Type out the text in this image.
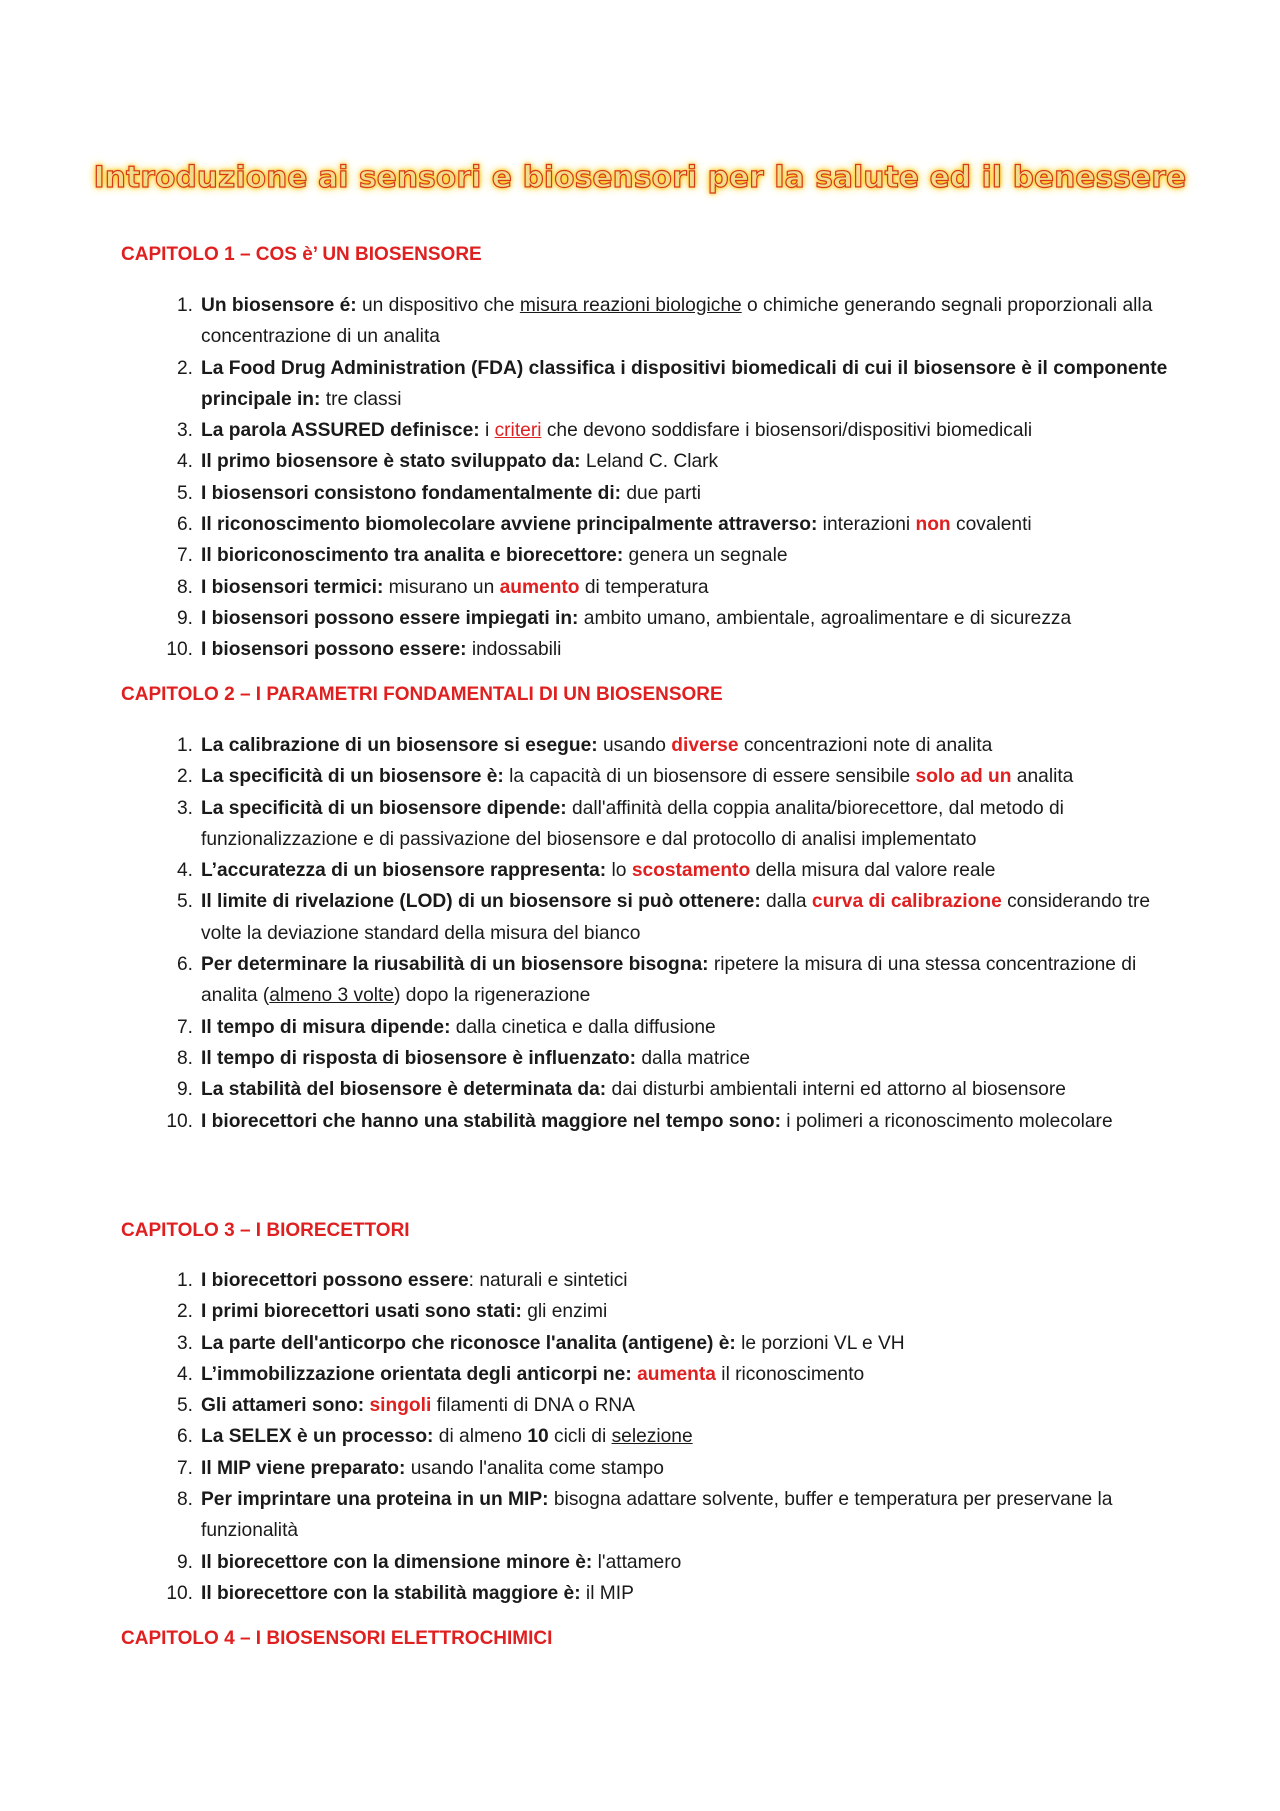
Introduzione ai sensori e biosensori per la salute ed il benessere
CAPITOLO 1 – COS è’ UN BIOSENSORE
1. Un biosensore é: un dispositivo che misura reazioni biologiche o chimiche generando segnali proporzionali alla concentrazione di un analita
2. La Food Drug Administration (FDA) classifica i dispositivi biomedicali di cui il biosensore è il componente principale in: tre classi
3. La parola ASSURED definisce: i criteri che devono soddisfare i biosensori/dispositivi biomedicali
4. Il primo biosensore è stato sviluppato da: Leland C. Clark
5. I biosensori consistono fondamentalmente di: due parti
6. Il riconoscimento biomolecolare avviene principalmente attraverso: interazioni non covalenti
7. Il bioriconoscimento tra analita e biorecettore: genera un segnale
8. I biosensori termici: misurano un aumento di temperatura
9. I biosensori possono essere impiegati in: ambito umano, ambientale, agroalimentare e di sicurezza
10. I biosensori possono essere: indossabili
CAPITOLO 2 – I PARAMETRI FONDAMENTALI DI UN BIOSENSORE
1. La calibrazione di un biosensore si esegue: usando diverse concentrazioni note di analita
2. La specificità di un biosensore è: la capacità di un biosensore di essere sensibile solo ad un analita
3. La specificità di un biosensore dipende: dall'affinità della coppia analita/biorecettore, dal metodo di funzionalizzazione e di passivazione del biosensore e dal protocollo di analisi implementato
4. L’accuratezza di un biosensore rappresenta: lo scostamento della misura dal valore reale
5. Il limite di rivelazione (LOD) di un biosensore si può ottenere: dalla curva di calibrazione considerando tre volte la deviazione standard della misura del bianco
6. Per determinare la riusabilità di un biosensore bisogna: ripetere la misura di una stessa concentrazione di analita (almeno 3 volte) dopo la rigenerazione
7. Il tempo di misura dipende: dalla cinetica e dalla diffusione
8. Il tempo di risposta di biosensore è influenzato: dalla matrice
9. La stabilità del biosensore è determinata da: dai disturbi ambientali interni ed attorno al biosensore
10. I biorecettori che hanno una stabilità maggiore nel tempo sono: i polimeri a riconoscimento molecolare
CAPITOLO 3 – I BIORECETTORI
1. I biorecettori possono essere: naturali e sintetici
2. I primi biorecettori usati sono stati: gli enzimi
3. La parte dell'anticorpo che riconosce l'analita (antigene) è: le porzioni VL e VH
4. L’immobilizzazione orientata degli anticorpi ne: aumenta il riconoscimento
5. Gli attameri sono: singoli filamenti di DNA o RNA
6. La SELEX è un processo: di almeno 10 cicli di selezione
7. Il MIP viene preparato: usando l'analita come stampo
8. Per imprintare una proteina in un MIP: bisogna adattare solvente, buffer e temperatura per preservane la funzionalità
9. Il biorecettore con la dimensione minore è: l'attamero
10. Il biorecettore con la stabilità maggiore è: il MIP
CAPITOLO 4 – I BIOSENSORI ELETTROCHIMICI
